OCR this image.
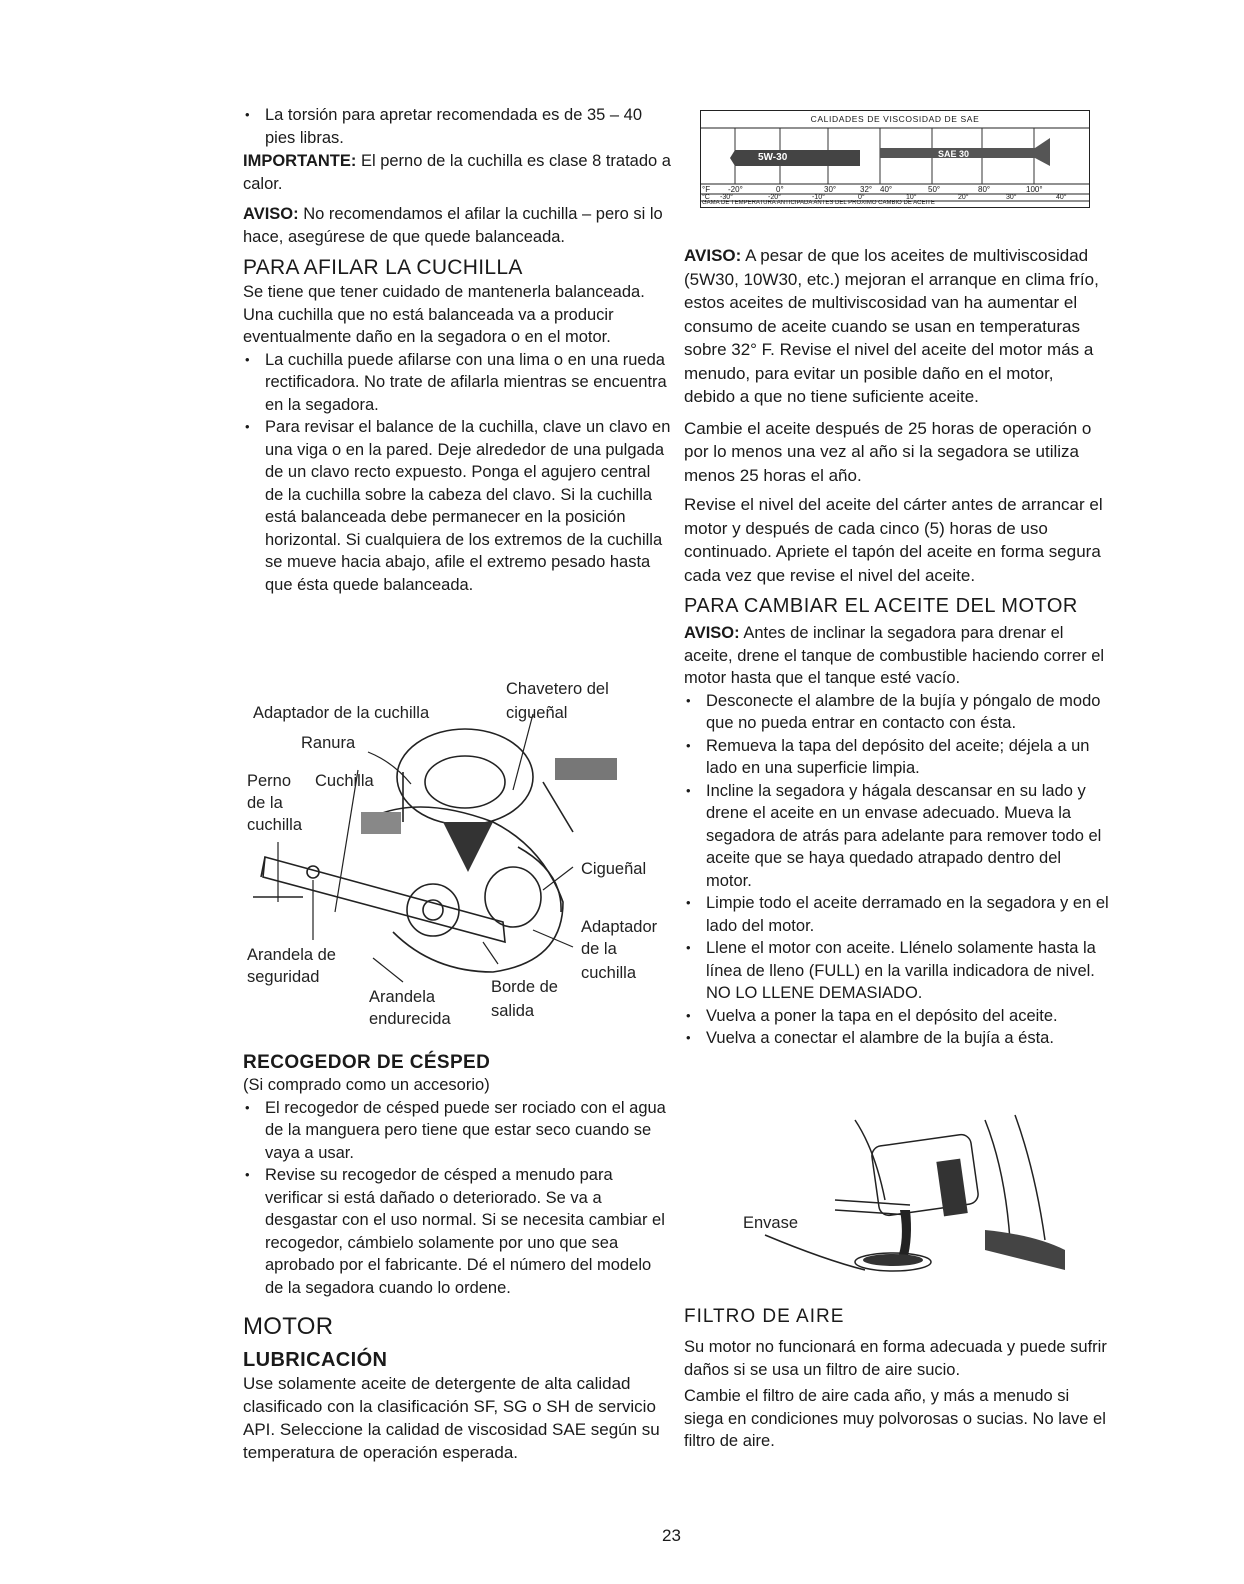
• La torsión para apretar recomendada es de 35 – 40 pies libras.

IMPORTANTE: El perno de la cuchilla es clase 8 tratado a calor.

AVISO: No recomendamos el afilar la cuchilla – pero si lo hace, asegúrese de que quede balanceada.

PARA AFILAR LA CUCHILLA

Se tiene que tener cuidado de mantenerla balanceada. Una cuchilla que no está balanceada va a producir eventualmente daño en la segadora o en el motor.

• La cuchilla puede afilarse con una lima o en una rueda rectificadora. No trate de afilarla mientras se encuentra en la segadora.

• Para revisar el balance de la cuchilla, clave un clavo en una viga o en la pared. Deje alrededor de una pulgada de un clavo recto expuesto. Ponga el agujero central de la cuchilla sobre la cabeza del clavo. Si la cuchilla está balanceada debe permanecer en la posición horizontal. Si cualquiera de los extremos de la cuchilla se mueve hacia abajo, afile el extremo pesado hasta que ésta quede balanceada.

Chavetero del
cigueñal
Adaptador de la cuchilla
Ranura
Perno
de la
cuchilla
Cuchilla
Cigueñal
Adaptador
de la
cuchilla
Arandela de
seguridad
Arandela
endurecida
Borde de
salida

RECOGEDOR DE CÉSPED

(Si comprado como un accesorio)

• El recogedor de césped puede ser rociado con el agua de la manguera pero tiene que estar seco cuando se vaya a usar.

• Revise su recogedor de césped a menudo para verificar si está dañado o deteriorado. Se va a desgastar con el uso normal. Si se necesita cambiar el recogedor, cámbielo solamente por uno que sea aprobado por el fabricante. Dé el número del modelo de la segadora cuando lo ordene.

MOTOR

LUBRICACIÓN

Use solamente aceite de detergente de alta calidad clasificado con la clasificación SF, SG o SH de servicio API. Seleccione la calidad de viscosidad SAE según su temperatura de operación esperada.

CALIDADES DE VISCOSIDAD DE SAE
5W-30	SAE 30
°F -20°	0°	30°	32° 40°	50°	80°	100°
°C -30°	-20°	-10°	0°	10°	20°	30°	40°
GAMA DE TEMPERATURA ANTICIPADA ANTES DEL PRÓXIMO CAMBIO DE ACEITE

AVISO: A pesar de que los aceites de multiviscosidad (5W30, 10W30, etc.) mejoran el arranque en clima frío, estos aceites de multiviscosidad van ha aumentar el consumo de aceite cuando se usan en temperaturas sobre 32° F. Revise el nivel del aceite del motor más a menudo, para evitar un posible daño en el motor, debido a que no tiene suficiente aceite.

Cambie el aceite después de 25 horas de operación o por lo menos una vez al año si la segadora se utiliza menos 25 horas el año.

Revise el nivel del aceite del cárter antes de arrancar el motor y después de cada cinco (5) horas de uso continuado. Apriete el tapón del aceite en forma segura cada vez que revise el nivel del aceite.

PARA CAMBIAR EL ACEITE DEL MOTOR

AVISO: Antes de inclinar la segadora para drenar el aceite, drene el tanque de combustible haciendo correr el motor hasta que el tanque esté vacío.

• Desconecte el alambre de la bujía y póngalo de modo que no pueda entrar en contacto con ésta.

• Remueva la tapa del depósito del aceite; déjela a un lado en una superficie limpia.

• Incline la segadora y hágala descansar en su lado y drene el aceite en un envase adecuado. Mueva la segadora de atrás para adelante para remover todo el aceite que se haya quedado atrapado dentro del motor.

• Limpie todo el aceite derramado en la segadora y en el lado del motor.

• Llene el motor con aceite. Llénelo solamente hasta la línea de lleno (FULL) en la varilla indicadora de nivel. NO LO LLENE DEMASIADO.

• Vuelva a poner la tapa en el depósito del aceite.

• Vuelva a conectar el alambre de la bujía a ésta.

Envase

FILTRO DE AIRE

Su motor no funcionará en forma adecuada y puede sufrir daños si se usa un filtro de aire sucio.

Cambie el filtro de aire cada año, y más a menudo si siega en condiciones muy polvorosas o sucias. No lave el filtro de aire.

23
